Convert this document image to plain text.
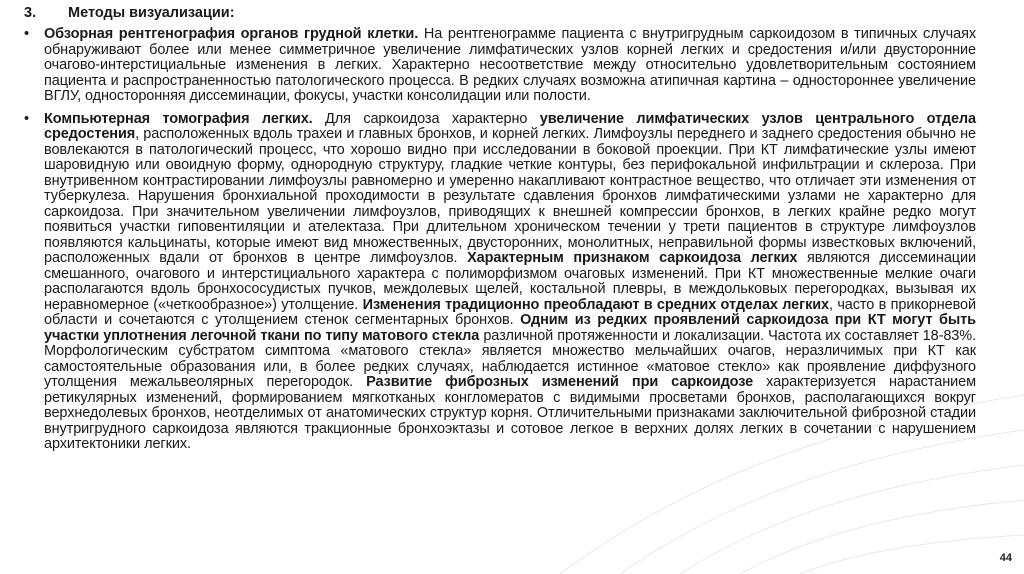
3.	Методы визуализации:
• Обзорная рентгенография органов грудной клетки. На рентгенограмме пациента с внутригрудным саркоидозом в типичных случаях обнаруживают более или менее симметричное увеличение лимфатических узлов корней легких и средостения и/или двусторонние очагово-интерстициальные изменения в легких. Характерно несоответствие между относительно удовлетворительным состоянием пациента и распространенностью патологического процесса. В редких случаях возможна атипичная картина – одностороннее увеличение ВГЛУ, односторонняя диссеминации, фокусы, участки консолидации или полости.
• Компьютерная томография легких. Для саркоидоза характерно увеличение лимфатических узлов центрального отдела средостения, расположенных вдоль трахеи и главных бронхов, и корней легких. Лимфоузлы переднего и заднего средостения обычно не вовлекаются в патологический процесс, что хорошо видно при исследовании в боковой проекции. При КТ лимфатические узлы имеют шаровидную или овоидную форму, однородную структуру, гладкие четкие контуры, без перифокальной инфильтрации и склероза. При внутривенном контрастировании лимфоузлы равномерно и умеренно накапливают контрастное вещество, что отличает эти изменения от туберкулеза. Нарушения бронхиальной проходимости в результате сдавления бронхов лимфатическими узлами не характерно для саркоидоза. При значительном увеличении лимфоузлов, приводящих к внешней компрессии бронхов, в легких крайне редко могут появиться участки гиповентиляции и ателектаза. При длительном хроническом течении у трети пациентов в структуре лимфоузлов появляются кальцинаты, которые имеют вид множественных, двусторонних, монолитных, неправильной формы известковых включений, расположенных вдали от бронхов в центре лимфоузлов. Характерным признаком саркоидоза легких являются диссеминации смешанного, очагового и интерстициального характера с полиморфизмом очаговых изменений. При КТ множественные мелкие очаги располагаются вдоль бронхососудистых пучков, междолевых щелей, костальной плевры, в междольковых перегородках, вызывая их неравномерное («четкообразное») утолщение. Изменения традиционно преобладают в средних отделах легких, часто в прикорневой области и сочетаются с утолщением стенок сегментарных бронхов. Одним из редких проявлений саркоидоза при КТ могут быть участки уплотнения легочной ткани по типу матового стекла различной протяженности и локализации. Частота их составляет 18-83%. Морфологическим субстратом симптома «матового стекла» является множество мельчайших очагов, неразличимых при КТ как самостоятельные образования или, в более редких случаях, наблюдается истинное «матовое стекло» как проявление диффузного утолщения межальвеолярных перегородок. Развитие фиброзных изменений при саркоидозе характеризуется нарастанием ретикулярных изменений, формированием мягкотканых конгломератов с видимыми просветами бронхов, располагающихся вокруг верхнедолевых бронхов, неотделимых от анатомических структур корня. Отличительными признаками заключительной фиброзной стадии внутригрудного саркоидоза являются тракционные бронхоэктазы и сотовое легкое в верхних долях легких в сочетании с нарушением архитектоники легких.
44
